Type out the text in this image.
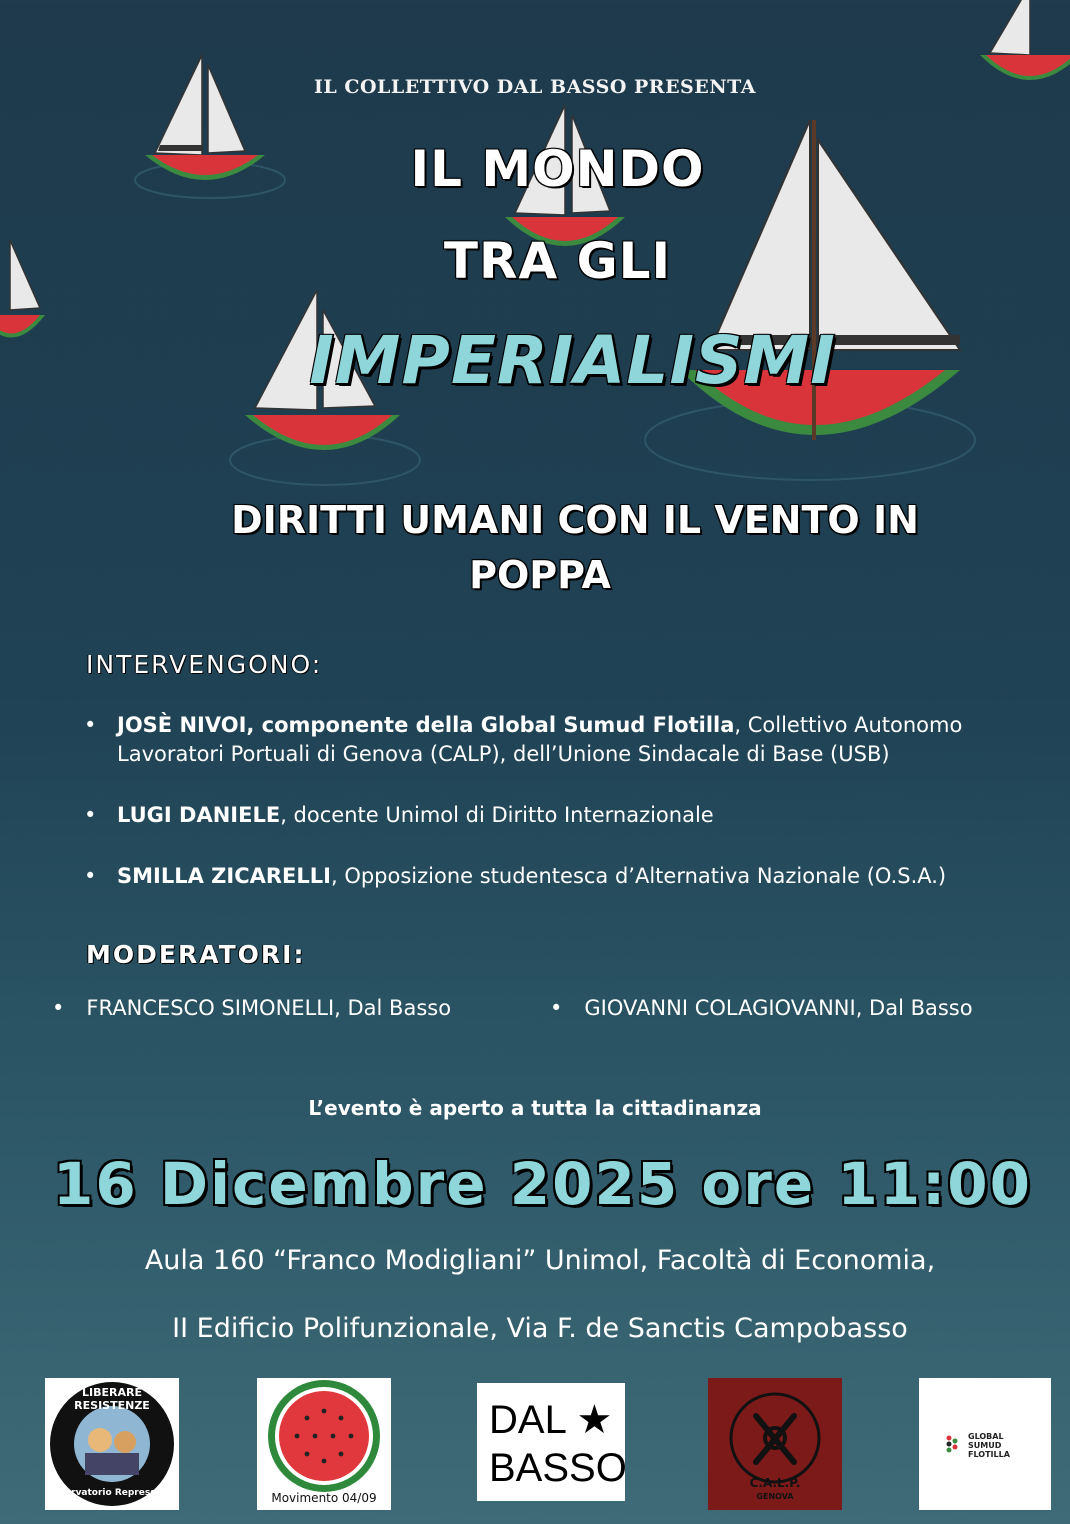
IL COLLETTIVO DAL BASSO PRESENTA
IL MONDO
TRA GLI
IMPERIALISMI
DIRITTI UMANI CON IL VENTO IN
POPPA
INTERVENGONO:
• JOSÈ NIVOI, componente della Global Sumud Flotilla, Collettivo Autonomo
Lavoratori Portuali di Genova (CALP), dell’Unione Sindacale di Base (USB)
• LUGI DANIELE, docente Unimol di Diritto Internazionale
• SMILLA ZICARELLI, Opposizione studentesca d’Alternativa Nazionale (O.S.A.)
MODERATORI:
• FRANCESCO SIMONELLI, Dal Basso	• GIOVANNI COLAGIOVANNI, Dal Basso
L’evento è aperto a tutta la cittadinanza
16 Dicembre 2025 ore 11:00
Aula 160 “Franco Modigliani” Unimol, Facoltà di Economia,
II Edificio Polifunzionale, Via F. de Sanctis Campobasso
LIBERARE RESISTENZE
Osservatorio Repressione	Movimento 04/09
DAL ★
BASSO	C.A.L.P.
GENOVA
GLOBAL
SUMUD
FLOTILLA
